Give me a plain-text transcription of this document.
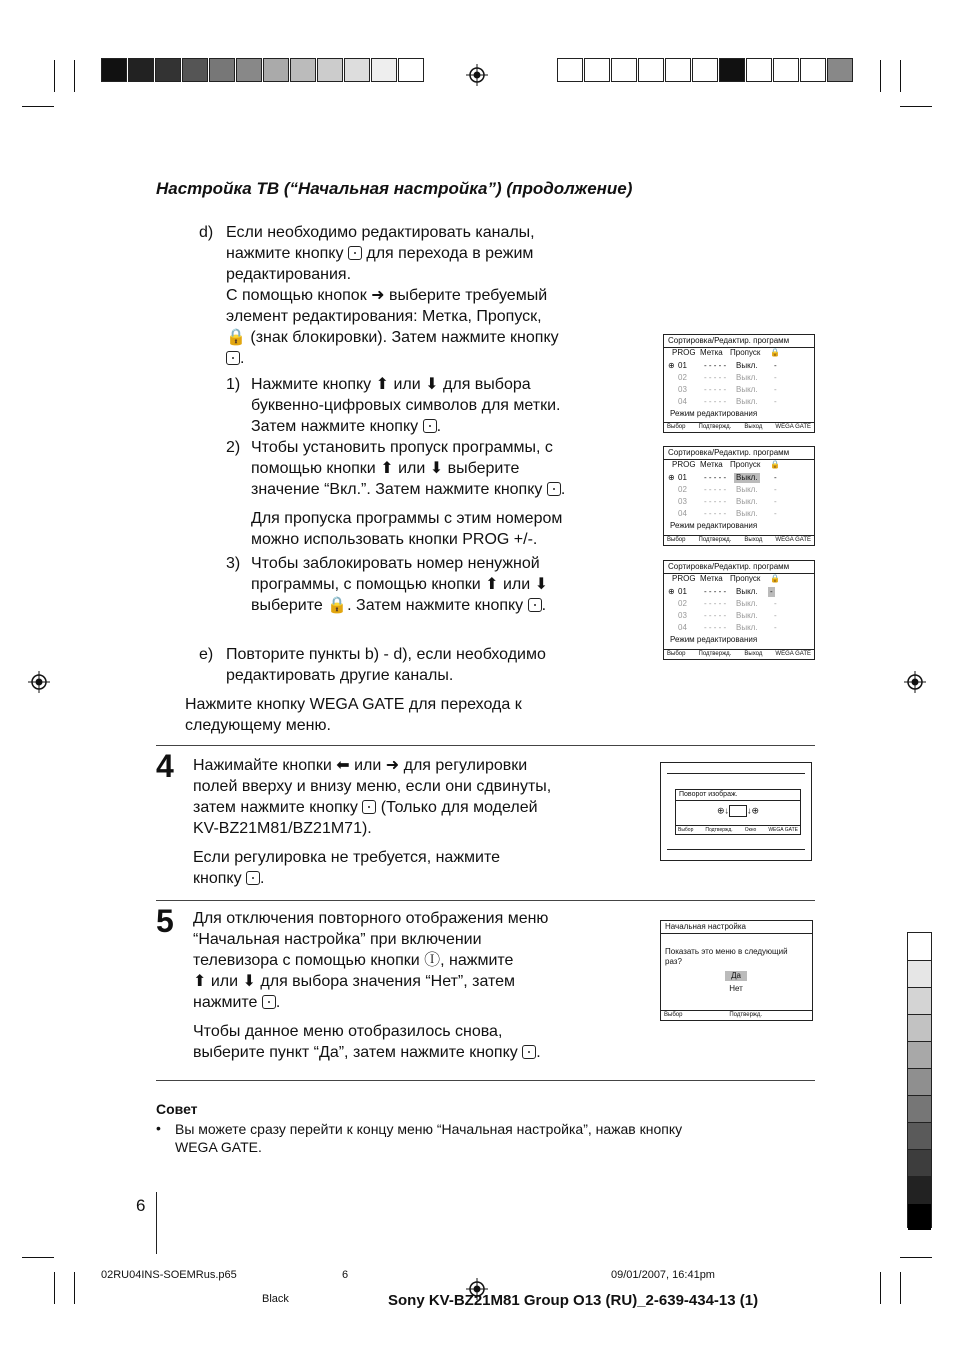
Настройка ТВ (“Начальная настройка”) (продолжение)
d) Если необходимо редактировать каналы,
нажмите кнопку для перехода в режим
редактирования.
С помощью кнопок ➜ выберите требуемый
элемент редактирования: Метка, Пропуск,
🔒 (знак блокировки). Затем нажмите кнопку
.
1) Нажмите кнопку ⬆ или ⬇ для выбора
буквенно-цифровых символов для метки.
Затем нажмите кнопку .
2) Чтобы установить пропуск программы, с
помощью кнопки ⬆ или ⬇ выберите
значение “Вкл.”. Затем нажмите кнопку .
Для пропуска программы с этим номером
можно использовать кнопки PROG +/-.
3) Чтобы заблокировать номер ненужной
программы, с помощью кнопки ⬆ или ⬇
выберите 🔒. Затем нажмите кнопку .
e) Повторите пункты b) - d), если необходимо
редактировать другие каналы.
Нажмите кнопку WEGA GATE для перехода к
следующему меню.
Сортировка/Редактир. программ
PROG Метка Пропуск 🔒
⊕ 01 - - - - - Выкл. -
02 - - - - - Выкл. -
03 - - - - - Выкл. -
04 - - - - - Выкл. -
Режим редактирования
Выбор Подтвержд. Выход WEGA GATE
Сортировка/Редактир. программ
PROG Метка Пропуск 🔒
⊕ 01 - - - - - Выкл. -
02 - - - - - Выкл. -
03 - - - - - Выкл. -
04 - - - - - Выкл. -
Режим редактирования
Выбор Подтвержд. Выход WEGA GATE
Сортировка/Редактир. программ
PROG Метка Пропуск 🔒
⊕ 01 - - - - - Выкл. -
02 - - - - - Выкл. -
03 - - - - - Выкл. -
04 - - - - - Выкл. -
Режим редактирования
Выбор Подтвержд. Выход WEGA GATE
4 Нажимайте кнопки ⬅ или ➜ для регулировки
полей вверху и внизу меню, если они сдвинуты,
затем нажмите кнопку (Только для моделей
KV-BZ21M81/BZ21M71).
Если регулировка не требуется, нажмите
кнопку .
Поворот изображ.
⊕↓ ↓⊕
Выбор Подтвержд. Окно WEGA GATE
5 Для отключения повторного отображения меню
“Начальная настройка” при включении
телевизора с помощью кнопки Ⓘ, нажмите
⬆ или ⬇ для выбора значения “Нет”, затем
нажмите .
Чтобы данное меню отобразилось снова,
выберите пункт “Да”, затем нажмите кнопку .
Начальная настройка
Показать это меню в следующий
раз?
Да
Нет
Выбор	Подтвержд.
Совет
• Вы можете сразу перейти к концу меню “Начальная настройка”, нажав кнопку
WEGA GATE.
6
02RU04INS-SOEMRus.p65	6	09/01/2007, 16:41pm
Black	Sony KV-BZ21M81 Group O13 (RU)_2-639-434-13 (1)
